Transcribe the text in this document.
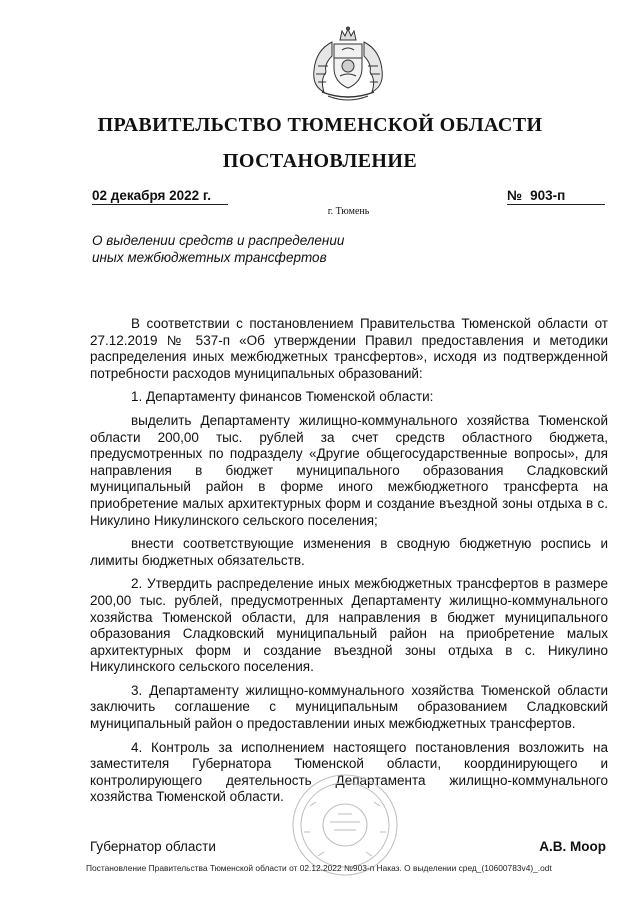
ПРАВИТЕЛЬСТВО ТЮМЕНСКОЙ ОБЛАСТИ
ПОСТАНОВЛЕНИЕ
02 декабря 2022 г.	№ 903-п
г. Тюмень
О выделении средств и распределении
иных межбюджетных трансфертов

В соответствии с постановлением Правительства Тюменской области от 27.12.2019 № 537-п «Об утверждении Правил предоставления и методики распределения иных межбюджетных трансфертов», исходя из подтвержденной потребности расходов муниципальных образований:

1. Департаменту финансов Тюменской области:

выделить Департаменту жилищно-коммунального хозяйства Тюменской области 200,00 тыс. рублей за счет средств областного бюджета, предусмотренных по подразделу «Другие общегосударственные вопросы», для направления в бюджет муниципального образования Сладковский муниципальный район в форме иного межбюджетного трансферта на приобретение малых архитектурных форм и создание въездной зоны отдыха в с. Никулино Никулинского сельского поселения;

внести соответствующие изменения в сводную бюджетную роспись и лимиты бюджетных обязательств.

2. Утвердить распределение иных межбюджетных трансфертов в размере 200,00 тыс. рублей, предусмотренных Департаменту жилищно-коммунального хозяйства Тюменской области, для направления в бюджет муниципального образования Сладковский муниципальный район на приобретение малых архитектурных форм и создание въездной зоны отдыха в с. Никулино Никулинского сельского поселения.

3. Департаменту жилищно-коммунального хозяйства Тюменской области заключить соглашение с муниципальным образованием Сладковский муниципальный район о предоставлении иных межбюджетных трансфертов.

4. Контроль за исполнением настоящего постановления возложить на заместителя Губернатора Тюменской области, координирующего и контролирующего деятельность Департамента жилищно-коммунального хозяйства Тюменской области.

Губернатор области	А.В. Моор
Постановление Правительства Тюменской области от 02.12.2022 №903-п Наказ. О выделении сред_(10600783v4)_.odt
